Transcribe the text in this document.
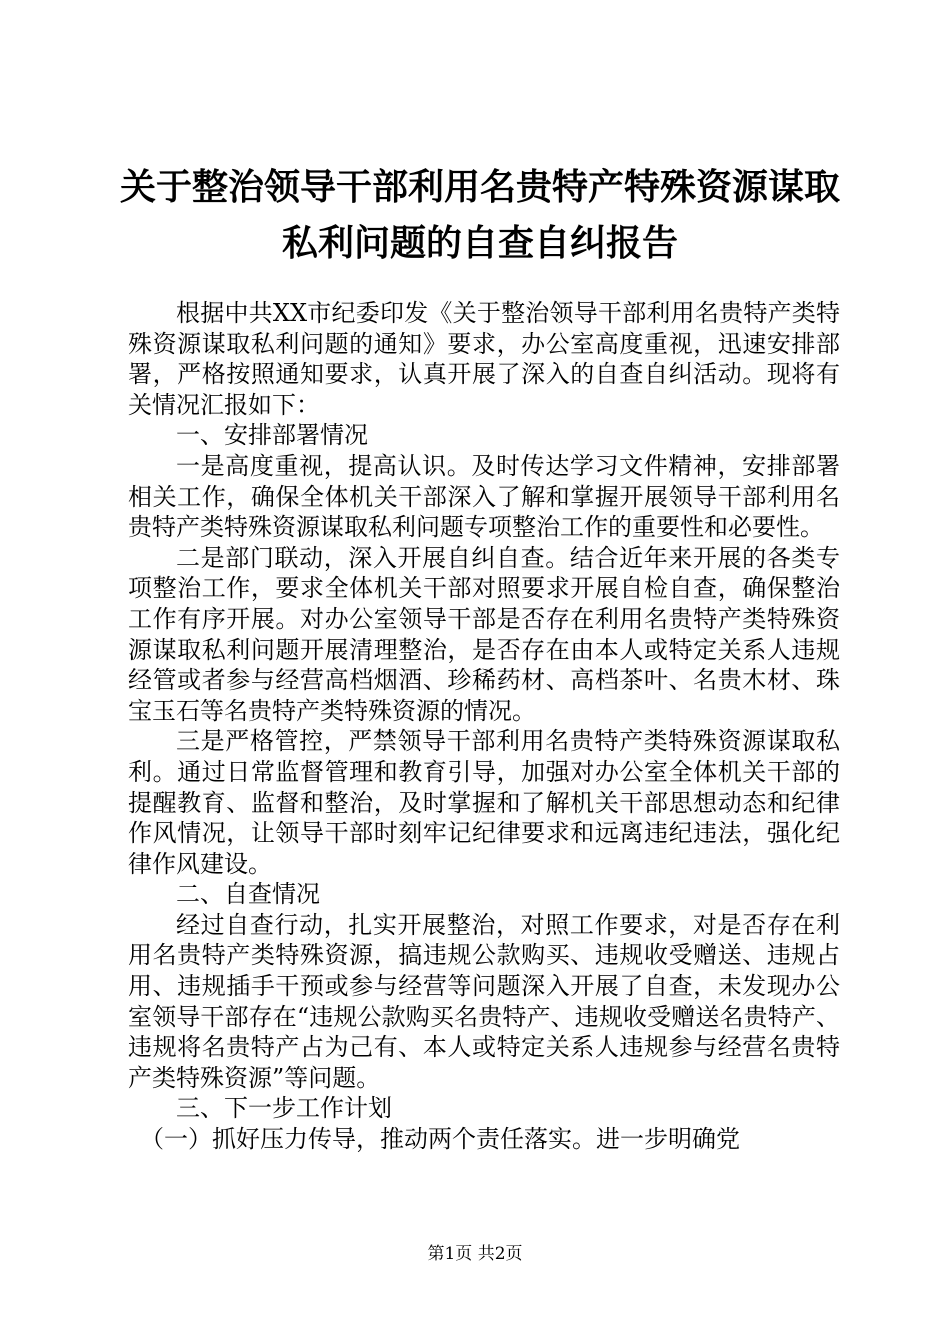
关于整治领导干部利用名贵特产特殊资源谋取
私利问题的自查自纠报告

根据中共XX市纪委印发《关于整治领导干部利用名贵特产类特殊资源谋取私利问题的通知》要求，办公室高度重视，迅速安排部署，严格按照通知要求，认真开展了深入的自查自纠活动。现将有关情况汇报如下：

一、安排部署情况

一是高度重视，提高认识。及时传达学习文件精神，安排部署相关工作，确保全体机关干部深入了解和掌握开展领导干部利用名贵特产类特殊资源谋取私利问题专项整治工作的重要性和必要性。

二是部门联动，深入开展自纠自查。结合近年来开展的各类专项整治工作，要求全体机关干部对照要求开展自检自查，确保整治工作有序开展。对办公室领导干部是否存在利用名贵特产类特殊资源谋取私利问题开展清理整治，是否存在由本人或特定关系人违规经管或者参与经营高档烟酒、珍稀药材、高档茶叶、名贵木材、珠宝玉石等名贵特产类特殊资源的情况。

三是严格管控，严禁领导干部利用名贵特产类特殊资源谋取私利。通过日常监督管理和教育引导，加强对办公室全体机关干部的提醒教育、监督和整治，及时掌握和了解机关干部思想动态和纪律作风情况，让领导干部时刻牢记纪律要求和远离违纪违法，强化纪律作风建设。

二、自查情况

经过自查行动，扎实开展整治，对照工作要求，对是否存在利用名贵特产类特殊资源，搞违规公款购买、违规收受赠送、违规占用、违规插手干预或参与经营等问题深入开展了自查，未发现办公室领导干部存在“违规公款购买名贵特产、违规收受赠送名贵特产、违规将名贵特产占为己有、本人或特定关系人违规参与经营名贵特产类特殊资源”等问题。

三、下一步工作计划

（一）抓好压力传导，推动两个责任落实。进一步明确党

第1页 共2页
